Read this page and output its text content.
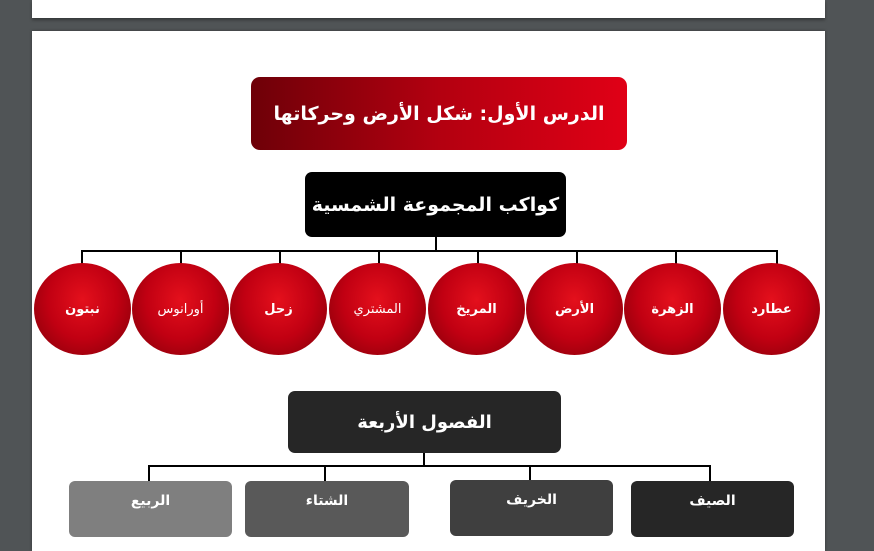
الدرس الأول: شكل الأرض وحركاتها
كواكب المجموعة الشمسية
عطارد
الزهرة
الأرض
المريخ
المشتري
زحل
أورانوس
نبتون
الفصول الأربعة
الصيف
الخريف
الشتاء
الربيع
